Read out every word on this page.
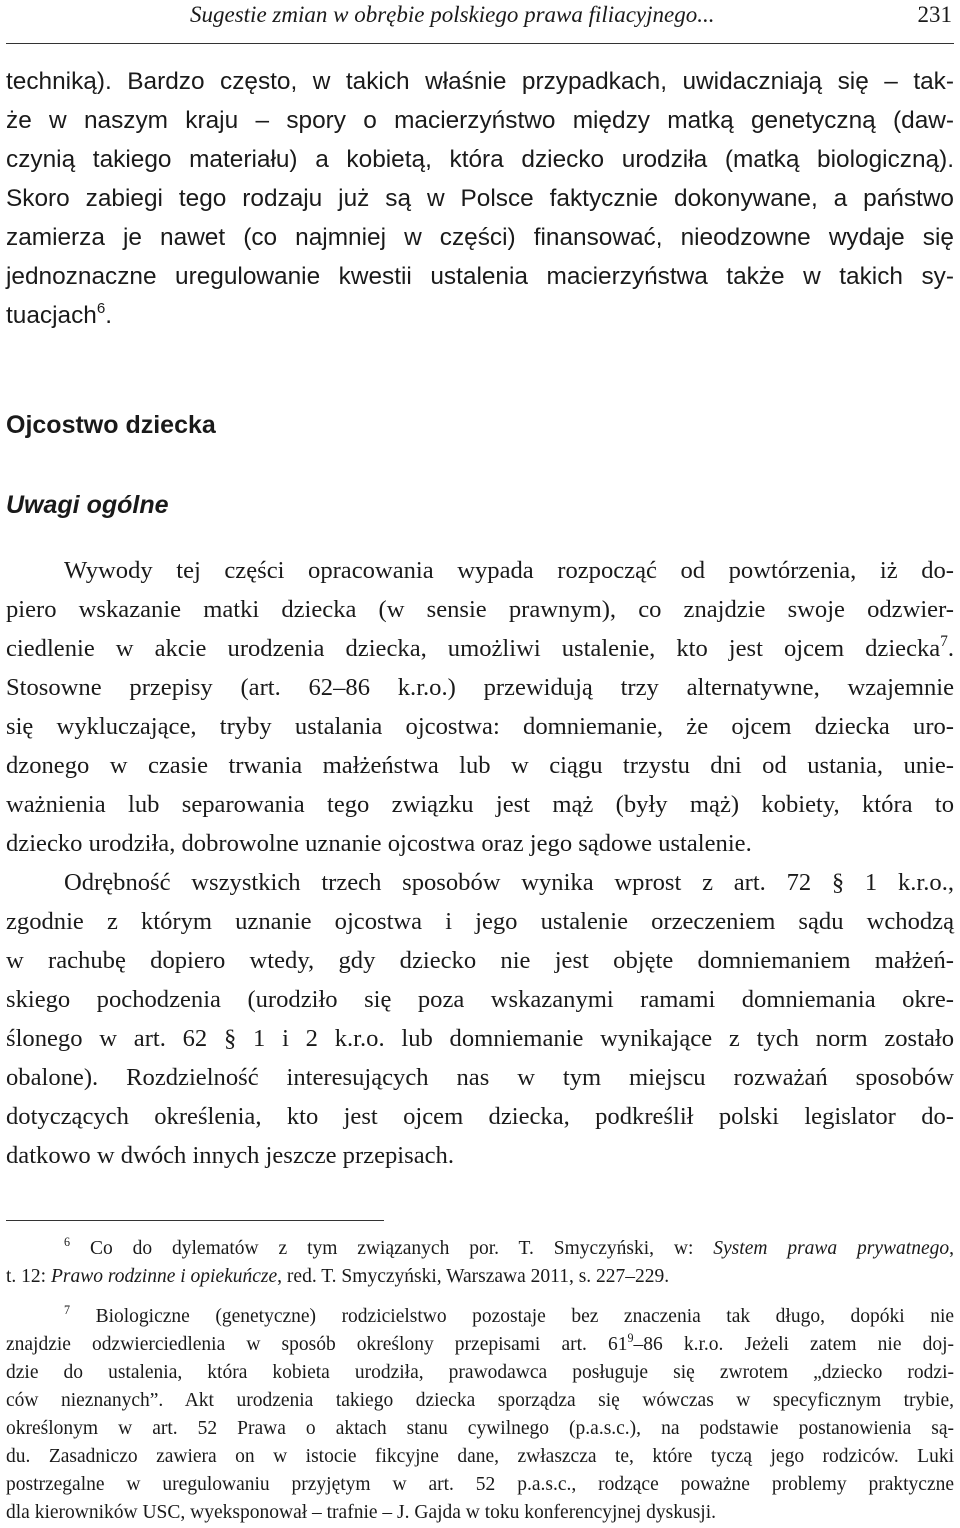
Sugestie zmian w obrębie polskiego prawa filiacyjnego...	231
techniką). Bardzo często, w takich właśnie przypadkach, uwidaczniają się – tak-
że w naszym kraju – spory o macierzyństwo między matką genetyczną (daw-
czynią takiego materiału) a kobietą, która dziecko urodziła (matką biologiczną).
Skoro zabiegi tego rodzaju już są w Polsce faktycznie dokonywane, a państwo
zamierza je nawet (co najmniej w części) finansować, nieodzowne wydaje się
jednoznaczne uregulowanie kwestii ustalenia macierzyństwa także w takich sy-
tuacjach$^6$.
Ojcostwo dziecka
Uwagi ogólne
Wywody tej części opracowania wypada rozpocząć od powtórzenia, iż do-
piero wskazanie matki dziecka (w sensie prawnym), co znajdzie swoje odzwier-
ciedlenie w akcie urodzenia dziecka, umożliwi ustalenie, kto jest ojcem dziecka$^7$.
Stosowne przepisy (art. 62–86 k.r.o.) przewidują trzy alternatywne, wzajemnie
się wykluczające, tryby ustalania ojcostwa: domniemanie, że ojcem dziecka uro-
dzonego w czasie trwania małżeństwa lub w ciągu trzystu dni od ustania, unie-
ważnienia lub separowania tego związku jest mąż (były mąż) kobiety, która to
dziecko urodziła, dobrowolne uznanie ojcostwa oraz jego sądowe ustalenie.
Odrębność wszystkich trzech sposobów wynika wprost z art. 72 § 1 k.r.o.,
zgodnie z którym uznanie ojcostwa i jego ustalenie orzeczeniem sądu wchodzą
w rachubę dopiero wtedy, gdy dziecko nie jest objęte domniemaniem małżeń-
skiego pochodzenia (urodziło się poza wskazanymi ramami domniemania okre-
ślonego w art. 62 § 1 i 2 k.r.o. lub domniemanie wynikające z tych norm zostało
obalone). Rozdzielność interesujących nas w tym miejscu rozważań sposobów
dotyczących określenia, kto jest ojcem dziecka, podkreślił polski legislator do-
datkowo w dwóch innych jeszcze przepisach.
$^6$ Co do dylematów z tym związanych por. T. Smyczyński, w: System prawa prywatnego,
t. 12: Prawo rodzinne i opiekuńcze, red. T. Smyczyński, Warszawa 2011, s. 227–229.
$^7$ Biologiczne (genetyczne) rodzicielstwo pozostaje bez znaczenia tak długo, dopóki nie
znajdzie odzwierciedlenia w sposób określony przepisami art. $61^9-86$ k.r.o. Jeżeli zatem nie doj-
dzie do ustalenia, która kobieta urodziła, prawodawca posługuje się zwrotem „dziecko rodzi-
ców nieznanych”. Akt urodzenia takiego dziecka sporządza się wówczas w specyficznym trybie,
określonym w art. 52 Prawa o aktach stanu cywilnego (p.a.s.c.), na podstawie postanowienia są-
du. Zasadniczo zawiera on w istocie fikcyjne dane, zwłaszcza te, które tyczą jego rodziców. Luki
postrzegalne w uregulowaniu przyjętym w art. 52 p.a.s.c., rodzące poważne problemy praktyczne
dla kierowników USC, wyeksponował – trafnie – J. Gajda w toku konferencyjnej dyskusji.
